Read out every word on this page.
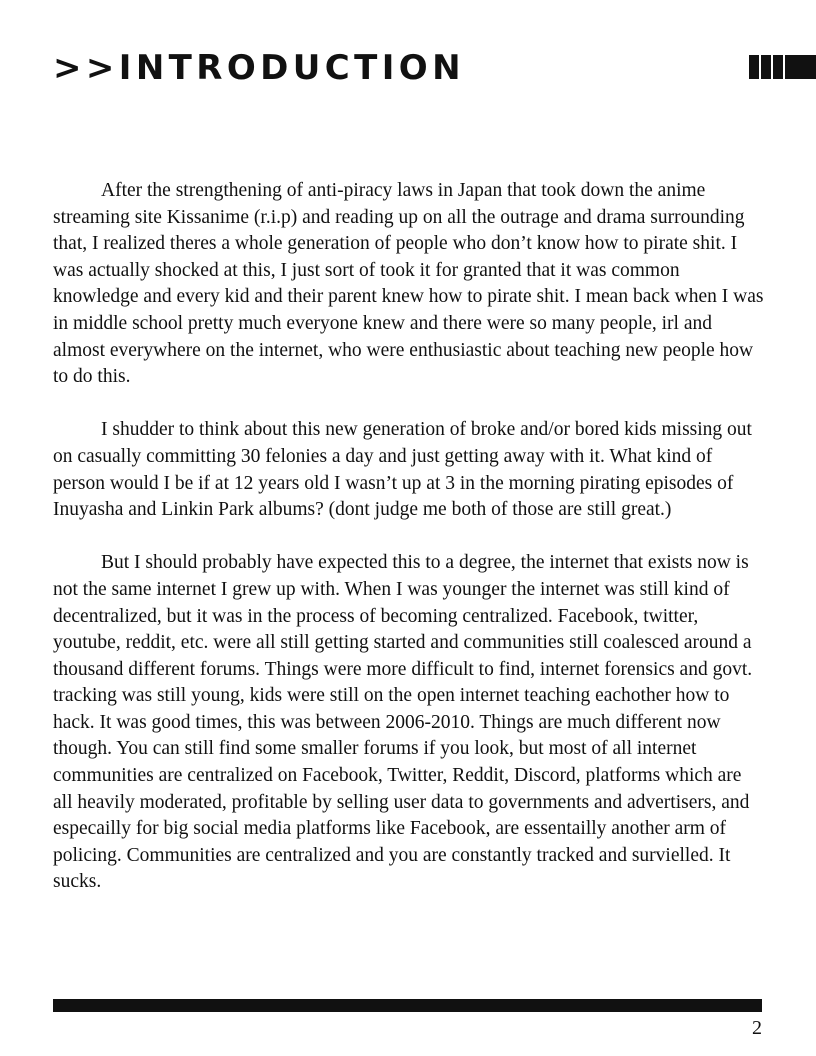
>>INTRODUCTION

After the strengthening of anti-piracy laws in Japan that took down the anime streaming site Kissanime (r.i.p) and reading up on all the outrage and drama surrounding that, I realized theres a whole generation of people who don’t know how to pirate shit. I was actually shocked at this, I just sort of took it for granted that it was common knowledge and every kid and their parent knew how to pirate shit. I mean back when I was in middle school pretty much everyone knew and there were so many people, irl and almost everywhere on the internet, who were enthusiastic about teaching new people how to do this.

I shudder to think about this new generation of broke and/or bored kids missing out on casually committing 30 felonies a day and just getting away with it. What kind of person would I be if at 12 years old I wasn’t up at 3 in the morning pirating episodes of Inuyasha and Linkin Park albums? (dont judge me both of those are still great.)

But I should probably have expected this to a degree, the internet that exists now is not the same internet I grew up with. When I was younger the internet was still kind of decentralized, but it was in the process of becoming centralized. Facebook, twitter, youtube, reddit, etc. were all still getting started and communities still coalesced around a thousand different forums. Things were more difficult to find, internet forensics and govt. tracking was still young, kids were still on the open internet teaching eachother how to hack. It was good times, this was between 2006-2010. Things are much different now though. You can still find some smaller forums if you look, but most of all internet communities are centralized on Facebook, Twitter, Reddit, Discord, platforms which are all heavily moderated, profitable by selling user data to governments and advertisers, and especailly for big social media platforms like Facebook, are essentailly another arm of policing. Communities are centralized and you are constantly tracked and survielled. It sucks.

2
